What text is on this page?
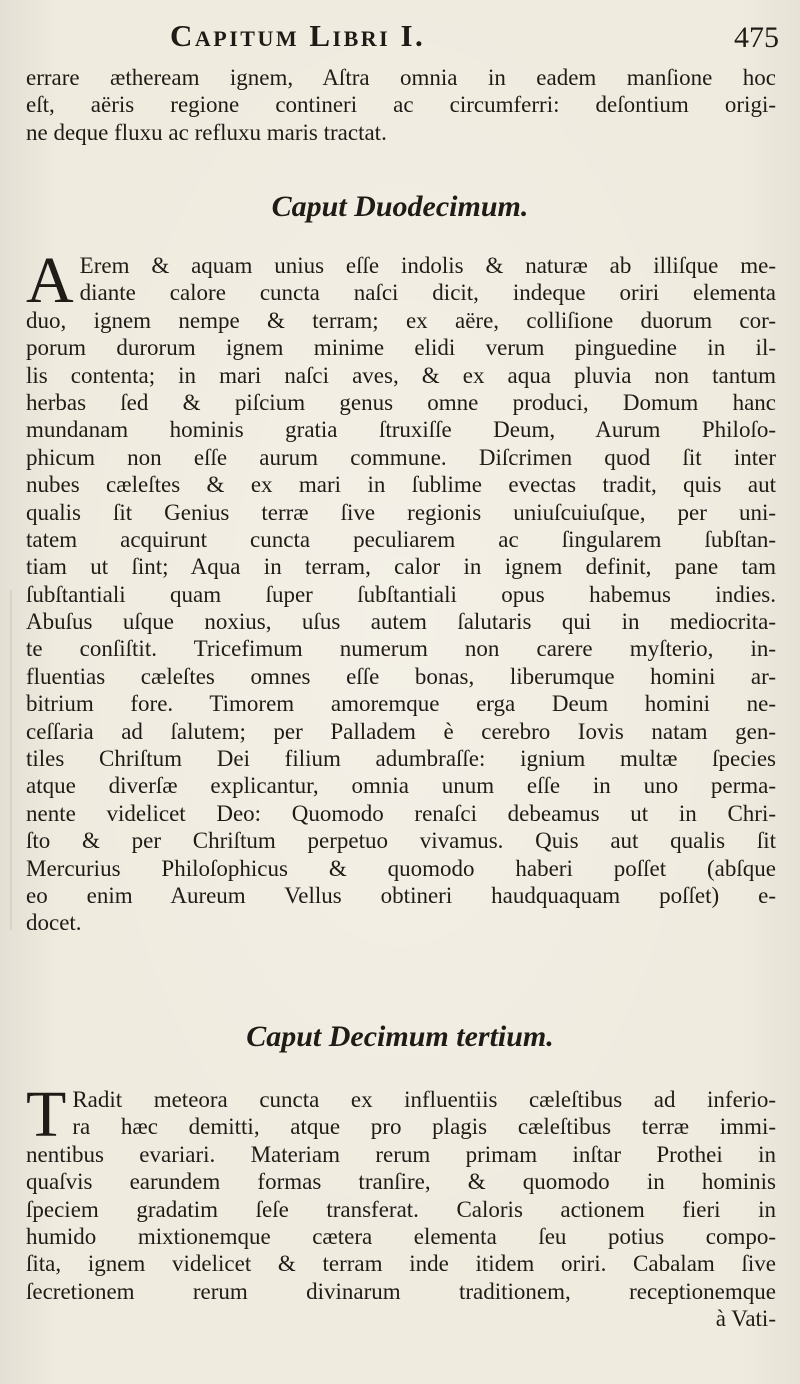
Capitum Libri I.	475
errare ætheream ignem, Aſtra omnia in eadem manſione hoc
eſt, aëris regione contineri ac circumferri: deſontium origi-
ne deque fluxu ac refluxu maris tractat.
Caput Duodecimum.
A Erem & aquam unius eſſe indolis & naturæ ab illiſque me-
diante calore cuncta naſci dicit, indeque oriri elementa
duo, ignem nempe & terram; ex aëre, colliſione duorum cor-
porum durorum ignem minime elidi verum pinguedine in il-
lis contenta; in mari naſci aves, & ex aqua pluvia non tantum
herbas ſed & piſcium genus omne produci, Domum hanc
mundanam hominis gratia ſtruxiſſe Deum, Aurum Philoſo-
phicum non eſſe aurum commune. Diſcrimen quod ſit inter
nubes cæleſtes & ex mari in ſublime evectas tradit, quis aut
qualis ſit Genius terræ ſive regionis uniuſcuiuſque, per uni-
tatem acquirunt cuncta peculiarem ac ſingularem ſubſtan-
tiam ut ſint; Aqua in terram, calor in ignem definit, pane tam
ſubſtantiali quam ſuper ſubſtantiali opus habemus indies.
Abuſus uſque noxius, uſus autem ſalutaris qui in mediocrita-
te conſiſtit. Tricefimum numerum non carere myſterio, in-
fluentias cæleſtes omnes eſſe bonas, liberumque homini ar-
bitrium fore. Timorem amoremque erga Deum homini ne-
ceſſaria ad ſalutem; per Palladem è cerebro Iovis natam gen-
tiles Chriſtum Dei filium adumbraſſe: ignium multæ ſpecies
atque diverſæ explicantur, omnia unum eſſe in uno perma-
nente videlicet Deo: Quomodo renaſci debeamus ut in Chri-
ſto & per Chriſtum perpetuo vivamus. Quis aut qualis ſit
Mercurius Philoſophicus & quomodo haberi poſſet (abſque
eo enim Aureum Vellus obtineri haudquaquam poſſet) e-
docet.
Caput Decimum tertium.
T Radit meteora cuncta ex influentiis cæleſtibus ad inferio-
ra hæc demitti, atque pro plagis cæleſtibus terræ immi-
nentibus evariari. Materiam rerum primam inſtar Prothei in
quaſvis earundem formas tranſire, & quomodo in hominis
ſpeciem gradatim ſeſe transferat. Caloris actionem fieri in
humido mixtionemque cætera elementa ſeu potius compo-
ſita, ignem videlicet & terram inde itidem oriri. Cabalam ſive
ſecretionem rerum divinarum traditionem, receptionemque
à Vati-
